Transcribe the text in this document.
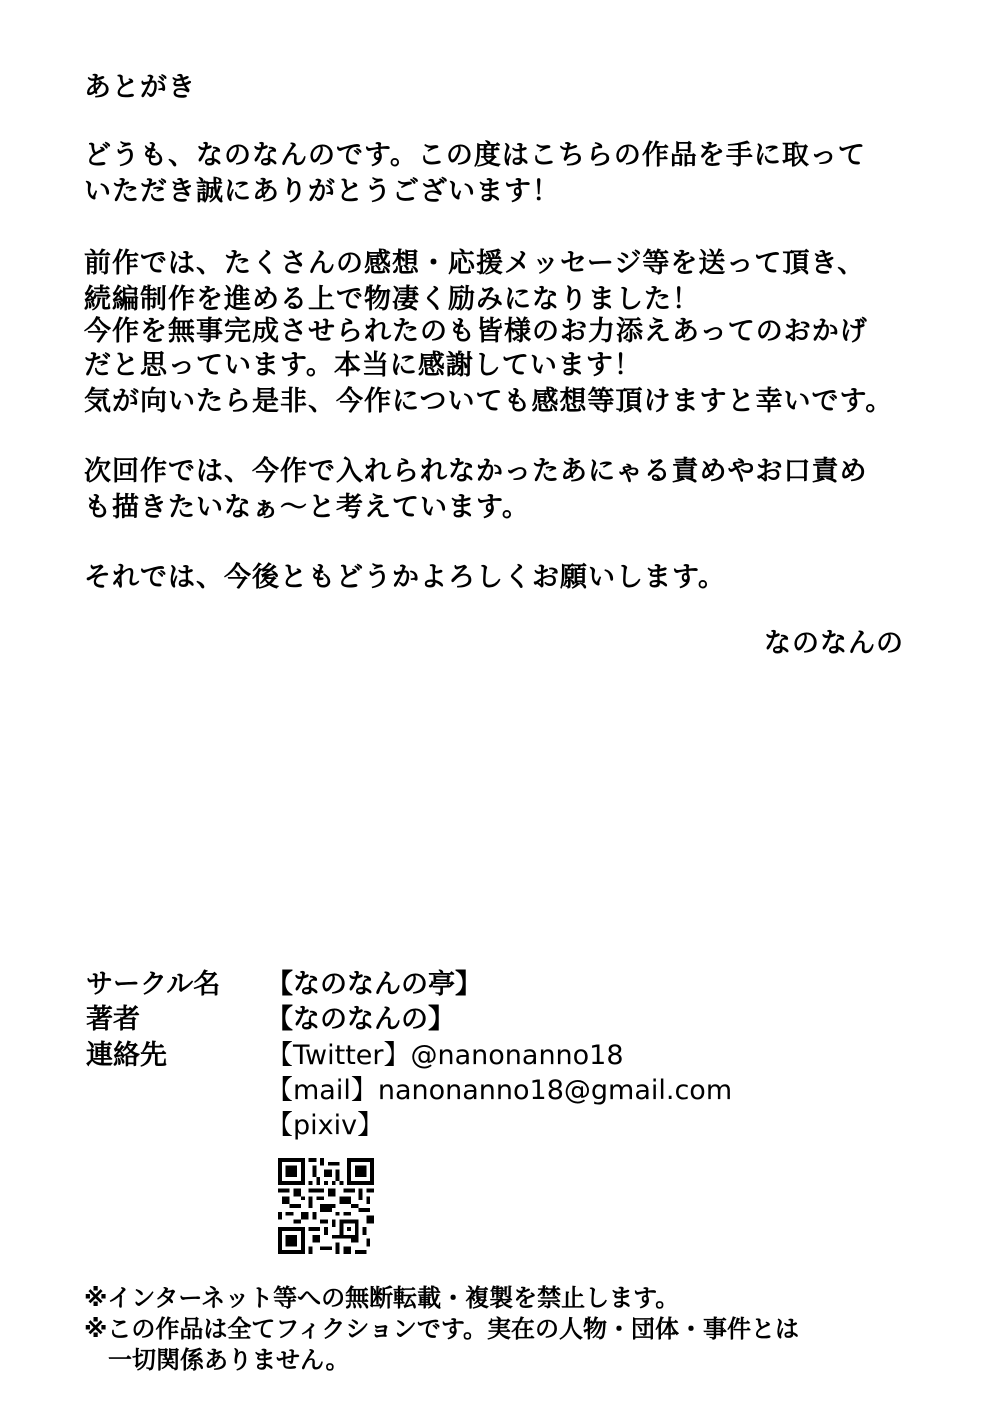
あとがき
どうも、なのなんのです。この度はこちらの作品を手に取って
いただき誠にありがとうございます！
前作では、たくさんの感想・応援メッセージ等を送って頂き、
続編制作を進める上で物凄く励みになりました！
今作を無事完成させられたのも皆様のお力添えあってのおかげ
だと思っています。本当に感謝しています！
気が向いたら是非、今作についても感想等頂けますと幸いです。
次回作では、今作で入れられなかったあにゃる責めやお口責め
も描きたいなぁ～と考えています。
それでは、今後ともどうかよろしくお願いします。
なのなんの
サークル名 【なのなんの亭】
著者	【なのなんの】
連絡先	【Twitter】@nanonanno18
【mail】nanonanno18@gmail.com
【pixiv】
※インターネット等への無断転載・複製を禁止します。
※この作品は全てフィクションです。実在の人物・団体・事件とは
　一切関係ありません。
